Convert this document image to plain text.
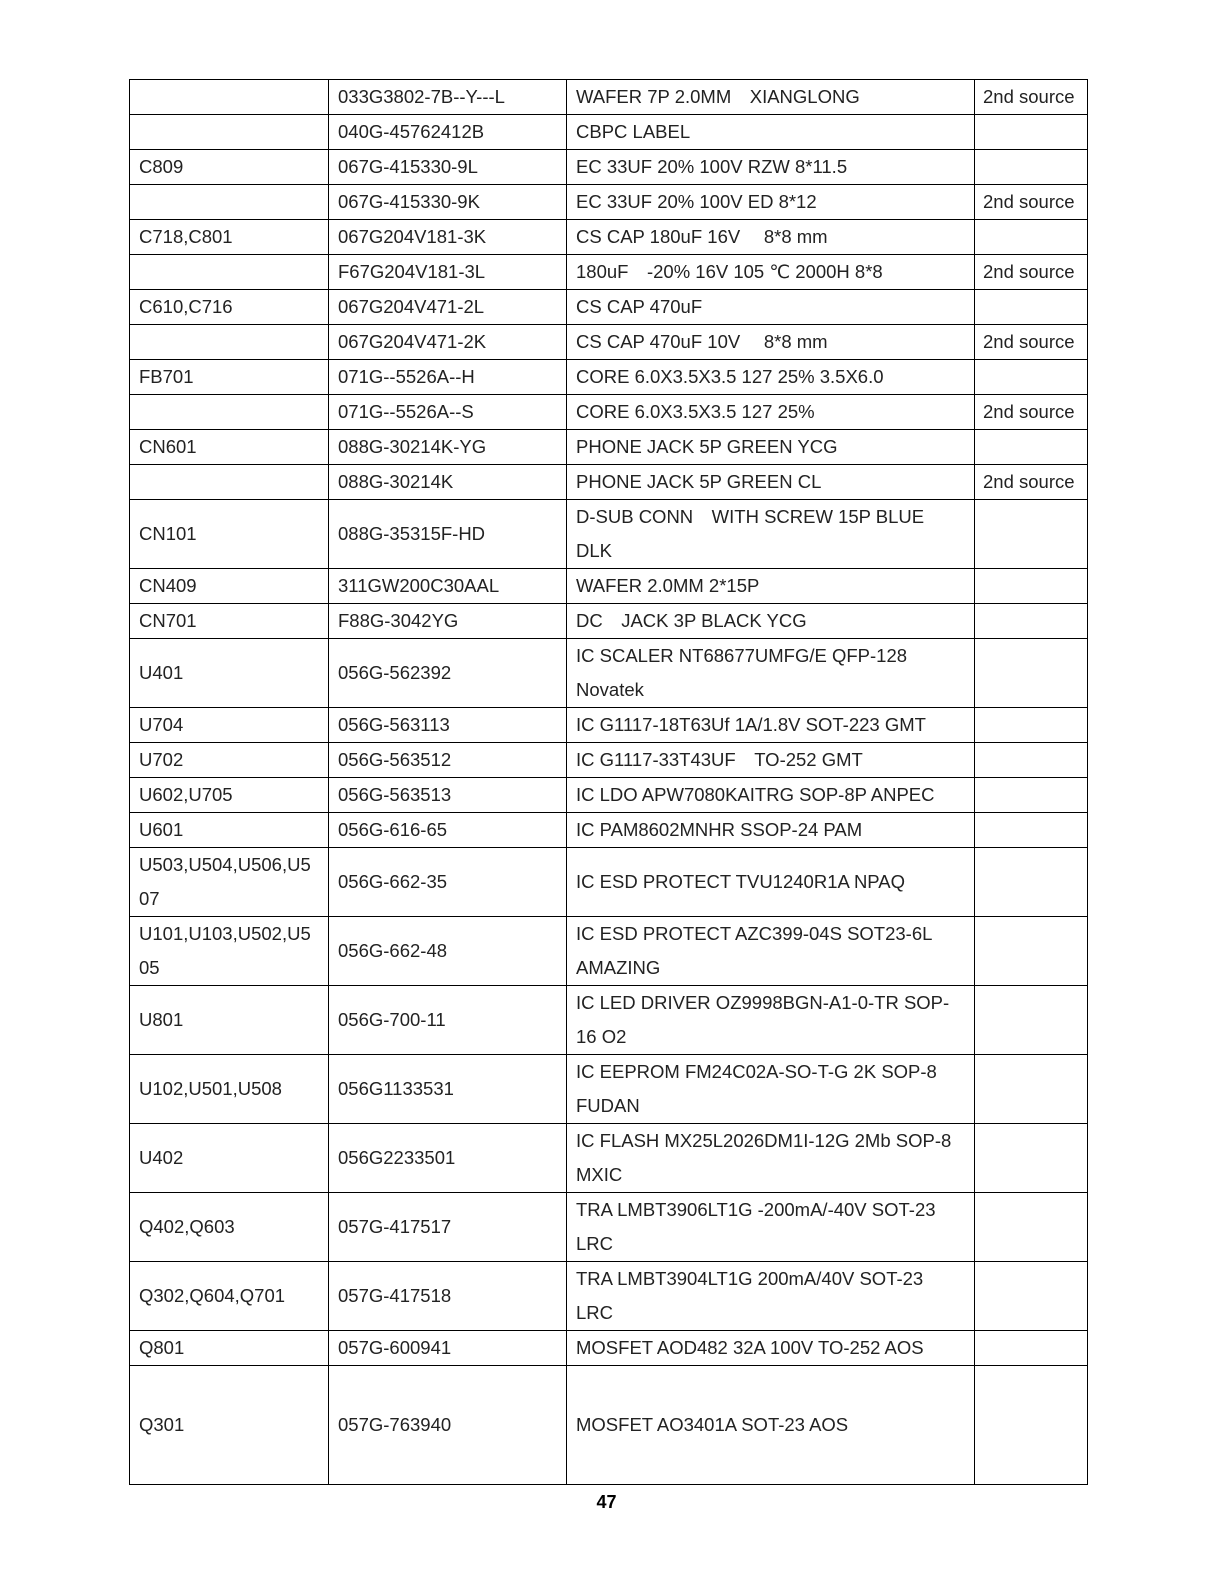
	033G3802-7B--Y---L	WAFER 7P 2.0MM　XIANGLONG	2nd source
	040G-45762412B	CBPC LABEL	
C809	067G-415330-9L	EC 33UF 20% 100V RZW 8*11.5	
	067G-415330-9K	EC 33UF 20% 100V ED 8*12	2nd source
C718,C801	067G204V181-3K	CS CAP 180uF 16V　 8*8 mm	
	F67G204V181-3L	180uF　-20% 16V 105 ℃ 2000H 8*8	2nd source
C610,C716	067G204V471-2L	CS CAP 470uF	
	067G204V471-2K	CS CAP 470uF 10V　 8*8 mm	2nd source
FB701	071G--5526A--H	CORE 6.0X3.5X3.5 127 25% 3.5X6.0	
	071G--5526A--S	CORE 6.0X3.5X3.5 127 25%	2nd source
CN601	088G-30214K-YG	PHONE JACK 5P GREEN YCG	
	088G-30214K	PHONE JACK 5P GREEN CL	2nd source
CN101	088G-35315F-HD	D-SUB CONN　WITH SCREW 15P BLUE DLK	
CN409	311GW200C30AAL	WAFER 2.0MM 2*15P	
CN701	F88G-3042YG	DC　JACK 3P BLACK YCG	
U401	056G-562392	IC SCALER NT68677UMFG/E QFP-128 Novatek	
U704	056G-563113	IC G1117-18T63Uf 1A/1.8V SOT-223 GMT	
U702	056G-563512	IC G1117-33T43UF　TO-252 GMT	
U602,U705	056G-563513	IC LDO APW7080KAITRG SOP-8P ANPEC	
U601	056G-616-65	IC PAM8602MNHR SSOP-24 PAM	
U503,U504,U506,U507	056G-662-35	IC ESD PROTECT TVU1240R1A NPAQ	
U101,U103,U502,U505	056G-662-48	IC ESD PROTECT AZC399-04S SOT23-6L AMAZING	
U801	056G-700-11	IC LED DRIVER OZ9998BGN-A1-0-TR SOP-16 O2	
U102,U501,U508	056G1133531	IC EEPROM FM24C02A-SO-T-G 2K SOP-8 FUDAN	
U402	056G2233501	IC FLASH MX25L2026DM1I-12G 2Mb SOP-8 MXIC	
Q402,Q603	057G-417517	TRA LMBT3906LT1G -200mA/-40V SOT-23 LRC	
Q302,Q604,Q701	057G-417518	TRA LMBT3904LT1G 200mA/40V SOT-23 LRC	
Q801	057G-600941	MOSFET AOD482 32A 100V TO-252 AOS	
Q301	057G-763940	MOSFET AO3401A SOT-23 AOS	
47
